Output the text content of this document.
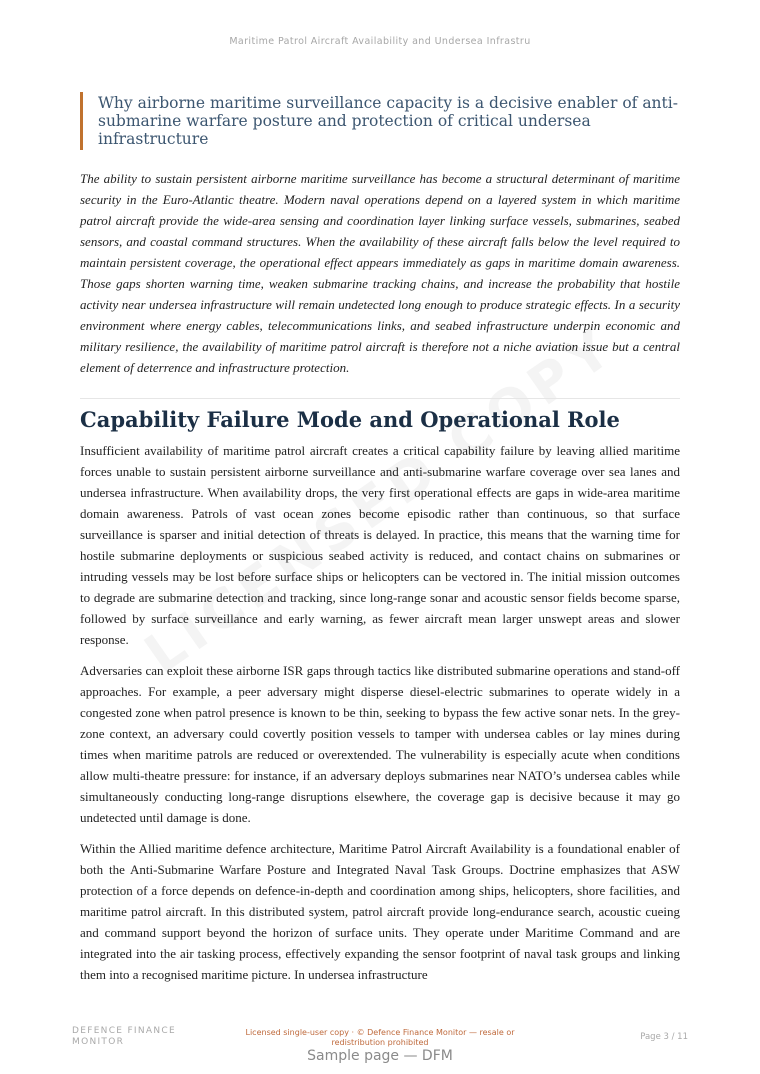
Maritime Patrol Aircraft Availability and Undersea Infrastru
Why airborne maritime surveillance capacity is a decisive enabler of anti-submarine warfare posture and protection of critical undersea infrastructure

The ability to sustain persistent airborne maritime surveillance has become a structural determinant of maritime security in the Euro-Atlantic theatre. Modern naval operations depend on a layered system in which maritime patrol aircraft provide the wide-area sensing and coordination layer linking surface vessels, submarines, seabed sensors, and coastal command structures. When the availability of these aircraft falls below the level required to maintain persistent coverage, the operational effect appears immediately as gaps in maritime domain awareness. Those gaps shorten warning time, weaken submarine tracking chains, and increase the probability that hostile activity near undersea infrastructure will remain undetected long enough to produce strategic effects. In a security environment where energy cables, telecommunications links, and seabed infrastructure underpin economic and military resilience, the availability of maritime patrol aircraft is therefore not a niche aviation issue but a central element of deterrence and infrastructure protection.

Capability Failure Mode and Operational Role

Insufficient availability of maritime patrol aircraft creates a critical capability failure by leaving allied maritime forces unable to sustain persistent airborne surveillance and anti-submarine warfare coverage over sea lanes and undersea infrastructure. When availability drops, the very first operational effects are gaps in wide-area maritime domain awareness. Patrols of vast ocean zones become episodic rather than continuous, so that surface surveillance is sparser and initial detection of threats is delayed. In practice, this means that the warning time for hostile submarine deployments or suspicious seabed activity is reduced, and contact chains on submarines or intruding vessels may be lost before surface ships or helicopters can be vectored in. The initial mission outcomes to degrade are submarine detection and tracking, since long-range sonar and acoustic sensor fields become sparse, followed by surface surveillance and early warning, as fewer aircraft mean larger unswept areas and slower response.

Adversaries can exploit these airborne ISR gaps through tactics like distributed submarine operations and stand-off approaches. For example, a peer adversary might disperse diesel-electric submarines to operate widely in a congested zone when patrol presence is known to be thin, seeking to bypass the few active sonar nets. In the grey-zone context, an adversary could covertly position vessels to tamper with undersea cables or lay mines during times when maritime patrols are reduced or overextended. The vulnerability is especially acute when conditions allow multi-theatre pressure: for instance, if an adversary deploys submarines near NATO’s undersea cables while simultaneously conducting long-range disruptions elsewhere, the coverage gap is decisive because it may go undetected until damage is done.

Within the Allied maritime defence architecture, Maritime Patrol Aircraft Availability is a foundational enabler of both the Anti-Submarine Warfare Posture and Integrated Naval Task Groups. Doctrine emphasizes that ASW protection of a force depends on defence-in-depth and coordination among ships, helicopters, shore facilities, and maritime patrol aircraft. In this distributed system, patrol aircraft provide long-endurance search, acoustic cueing and command support beyond the horizon of surface units. They operate under Maritime Command and are integrated into the air tasking process, effectively expanding the sensor footprint of naval task groups and linking them into a recognised maritime picture. In undersea infrastructure

DEFENCE FINANCE MONITOR
Licensed single-user copy · © Defence Finance Monitor — resale or redistribution prohibited
Page 3 / 11
Sample page — DFM
